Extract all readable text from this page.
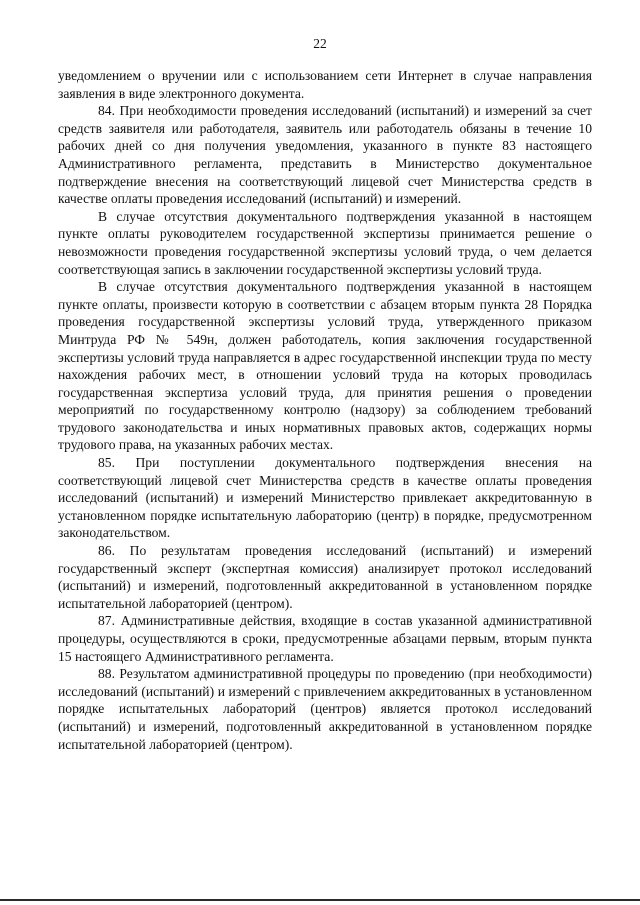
22

уведомлением о вручении или с использованием сети Интернет в случае направления заявления в виде электронного документа.

84. При необходимости проведения исследований (испытаний) и измерений за счет средств заявителя или работодателя, заявитель или работодатель обязаны в течение 10 рабочих дней со дня получения уведомления, указанного в пункте 83 настоящего Административного регламента, представить в Министерство документальное подтверждение внесения на соответствующий лицевой счет Министерства средств в качестве оплаты проведения исследований (испытаний) и измерений.

В случае отсутствия документального подтверждения указанной в настоящем пункте оплаты руководителем государственной экспертизы принимается решение о невозможности проведения государственной экспертизы условий труда, о чем делается соответствующая запись в заключении государственной экспертизы условий труда.

В случае отсутствия документального подтверждения указанной в настоящем пункте оплаты, произвести которую в соответствии с абзацем вторым пункта 28 Порядка проведения государственной экспертизы условий труда, утвержденного приказом Минтруда РФ № 549н, должен работодатель, копия заключения государственной экспертизы условий труда направляется в адрес государственной инспекции труда по месту нахождения рабочих мест, в отношении условий труда на которых проводилась государственная экспертиза условий труда, для принятия решения о проведении мероприятий по государственному контролю (надзору) за соблюдением требований трудового законодательства и иных нормативных правовых актов, содержащих нормы трудового права, на указанных рабочих местах.

85. При поступлении документального подтверждения внесения на соответствующий лицевой счет Министерства средств в качестве оплаты проведения исследований (испытаний) и измерений Министерство привлекает аккредитованную в установленном порядке испытательную лабораторию (центр) в порядке, предусмотренном законодательством.

86. По результатам проведения исследований (испытаний) и измерений государственный эксперт (экспертная комиссия) анализирует протокол исследований (испытаний) и измерений, подготовленный аккредитованной в установленном порядке испытательной лабораторией (центром).

87. Административные действия, входящие в состав указанной административной процедуры, осуществляются в сроки, предусмотренные абзацами первым, вторым пункта 15 настоящего Административного регламента.

88. Результатом административной процедуры по проведению (при необходимости) исследований (испытаний) и измерений с привлечением аккредитованных в установленном порядке испытательных лабораторий (центров) является протокол исследований (испытаний) и измерений, подготовленный аккредитованной в установленном порядке испытательной лабораторией (центром).
